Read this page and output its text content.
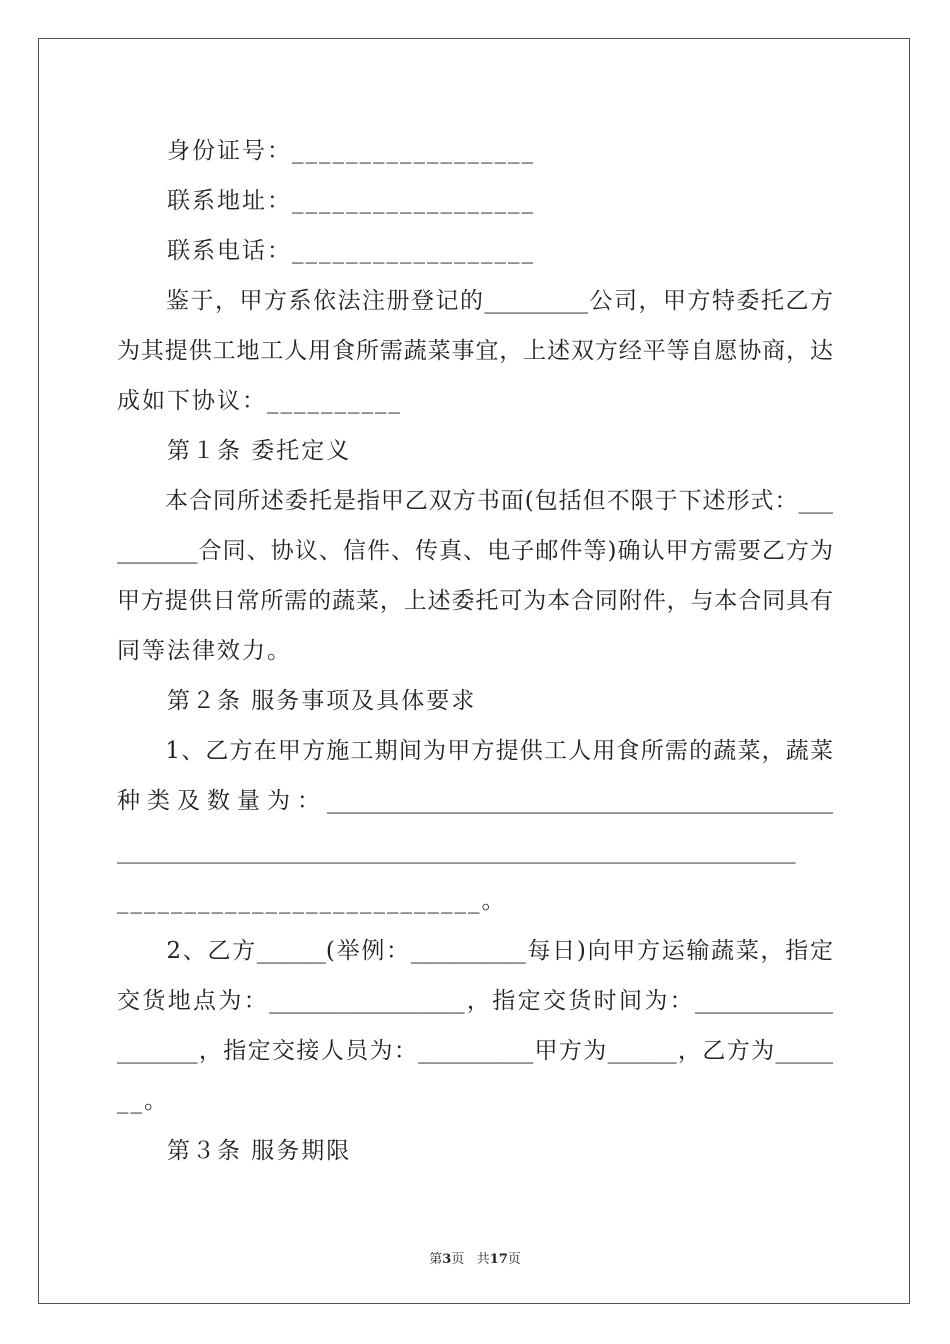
　　身份证号：__________________
　　联系地址：__________________
　　联系电话：__________________
　　鉴于，甲方系依法注册登记的_________公司，甲方特委托乙方
为其提供工地工人用食所需蔬菜事宜，上述双方经平等自愿协商，达
成如下协议：__________
　　第１条 委托定义
　　本合同所述委托是指甲乙双方书面(包括但不限于下述形式：___
_______合同、协议、信件、传真、电子邮件等)确认甲方需要乙方为
甲方提供日常所需的蔬菜，上述委托可为本合同附件，与本合同具有
同等法律效力。
　　第２条 服务事项及具体要求
　　1、乙方在甲方施工期间为甲方提供工人用食所需的蔬菜，蔬菜
种类及数量为：____________________________________________
___________________________________________________________
___________________________。
　　2、乙方______(举例：__________每日)向甲方运输蔬菜，指定
交货地点为：_________________，指定交货时间为：____________
_______，指定交接人员为：__________甲方为______，乙方为_____
__。
　　第３条 服务期限
第3页 共17页
